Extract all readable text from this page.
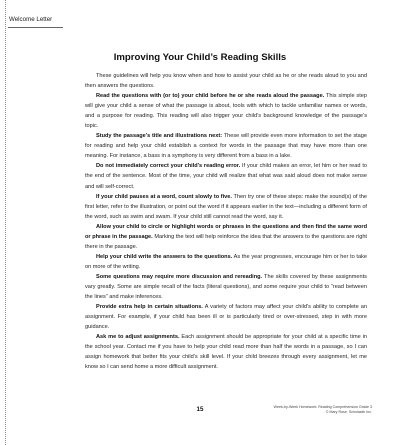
Welcome Letter
Improving Your Child’s Reading Skills

These guidelines will help you know when and how to assist your child as he or she reads aloud to you and then answers the questions.

Read the questions with (or to) your child before he or she reads aloud the passage. This simple step will give your child a sense of what the passage is about, tools with which to tackle unfamiliar names or words, and a purpose for reading. This reading will also trigger your child’s background knowledge of the passage’s topic.

Study the passage’s title and illustrations next: These will provide even more information to set the stage for reading and help your child establish a context for words in the passage that may have more than one meaning. For instance, a bass in a symphony is very different from a bass in a lake.

Do not immediately correct your child’s reading error. If your child makes an error, let him or her read to the end of the sentence. Most of the time, your child will realize that what was said aloud does not make sense and will self-correct.

If your child pauses at a word, count slowly to five. Then try one of these steps: make the sound(s) of the first letter, refer to the illustration, or point out the word if it appears earlier in the text—including a different form of the word, such as swim and swam. If your child still cannot read the word, say it.

Allow your child to circle or highlight words or phrases in the questions and then find the same word or phrase in the passage. Marking the text will help reinforce the idea that the answers to the questions are right there in the passage.

Help your child write the answers to the questions. As the year progresses, encourage him or her to take on more of the writing.

Some questions may require more discussion and rereading. The skills covered by these assignments vary greatly. Some are simple recall of the facts (literal questions), and some require your child to “read between the lines” and make inferences.

Provide extra help in certain situations. A variety of factors may affect your child’s ability to complete an assignment. For example, if your child has been ill or is particularly tired or over-stressed, step in with more guidance.

Ask me to adjust assignments. Each assignment should be appropriate for your child at a specific time in the school year. Contact me if you have to help your child read more than half the words in a passage, so I can assign homework that better fits your child’s skill level. If your child breezes through every assignment, let me know so I can send home a more difficult assignment.

15	Week-by-Week Homework: Reading Comprehension Grade 3
© Mary Rose, Scholastic Inc.
